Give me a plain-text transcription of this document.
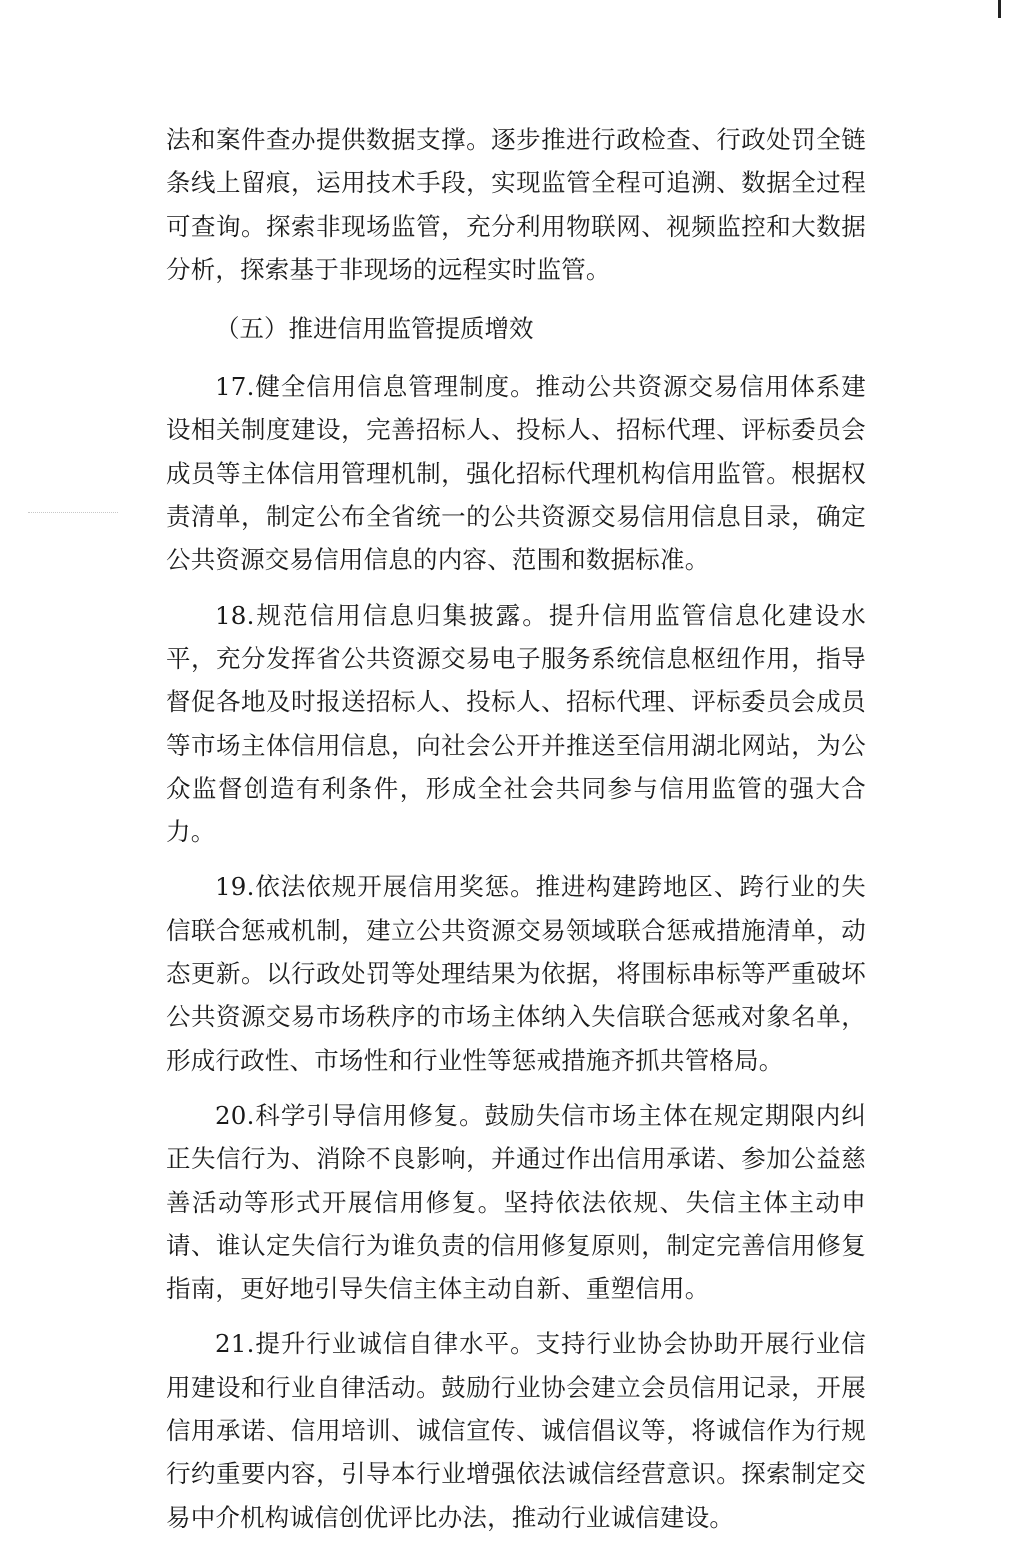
法和案件查办提供数据支撑。逐步推进行政检查、行政处罚全链条线上留痕，运用技术手段，实现监管全程可追溯、数据全过程可查询。探索非现场监管，充分利用物联网、视频监控和大数据分析，探索基于非现场的远程实时监管。

（五）推进信用监管提质增效

17.健全信用信息管理制度。推动公共资源交易信用体系建设相关制度建设，完善招标人、投标人、招标代理、评标委员会成员等主体信用管理机制，强化招标代理机构信用监管。根据权责清单，制定公布全省统一的公共资源交易信用信息目录，确定公共资源交易信用信息的内容、范围和数据标准。

18.规范信用信息归集披露。提升信用监管信息化建设水平，充分发挥省公共资源交易电子服务系统信息枢纽作用，指导督促各地及时报送招标人、投标人、招标代理、评标委员会成员等市场主体信用信息，向社会公开并推送至信用湖北网站，为公众监督创造有利条件，形成全社会共同参与信用监管的强大合力。

19.依法依规开展信用奖惩。推进构建跨地区、跨行业的失信联合惩戒机制，建立公共资源交易领域联合惩戒措施清单，动态更新。以行政处罚等处理结果为依据，将围标串标等严重破坏公共资源交易市场秩序的市场主体纳入失信联合惩戒对象名单，形成行政性、市场性和行业性等惩戒措施齐抓共管格局。

20.科学引导信用修复。鼓励失信市场主体在规定期限内纠正失信行为、消除不良影响，并通过作出信用承诺、参加公益慈善活动等形式开展信用修复。坚持依法依规、失信主体主动申请、谁认定失信行为谁负责的信用修复原则，制定完善信用修复指南，更好地引导失信主体主动自新、重塑信用。

21.提升行业诚信自律水平。支持行业协会协助开展行业信用建设和行业自律活动。鼓励行业协会建立会员信用记录，开展信用承诺、信用培训、诚信宣传、诚信倡议等，将诚信作为行规行约重要内容，引导本行业增强依法诚信经营意识。探索制定交易中介机构诚信创优评比办法，推动行业诚信建设。
